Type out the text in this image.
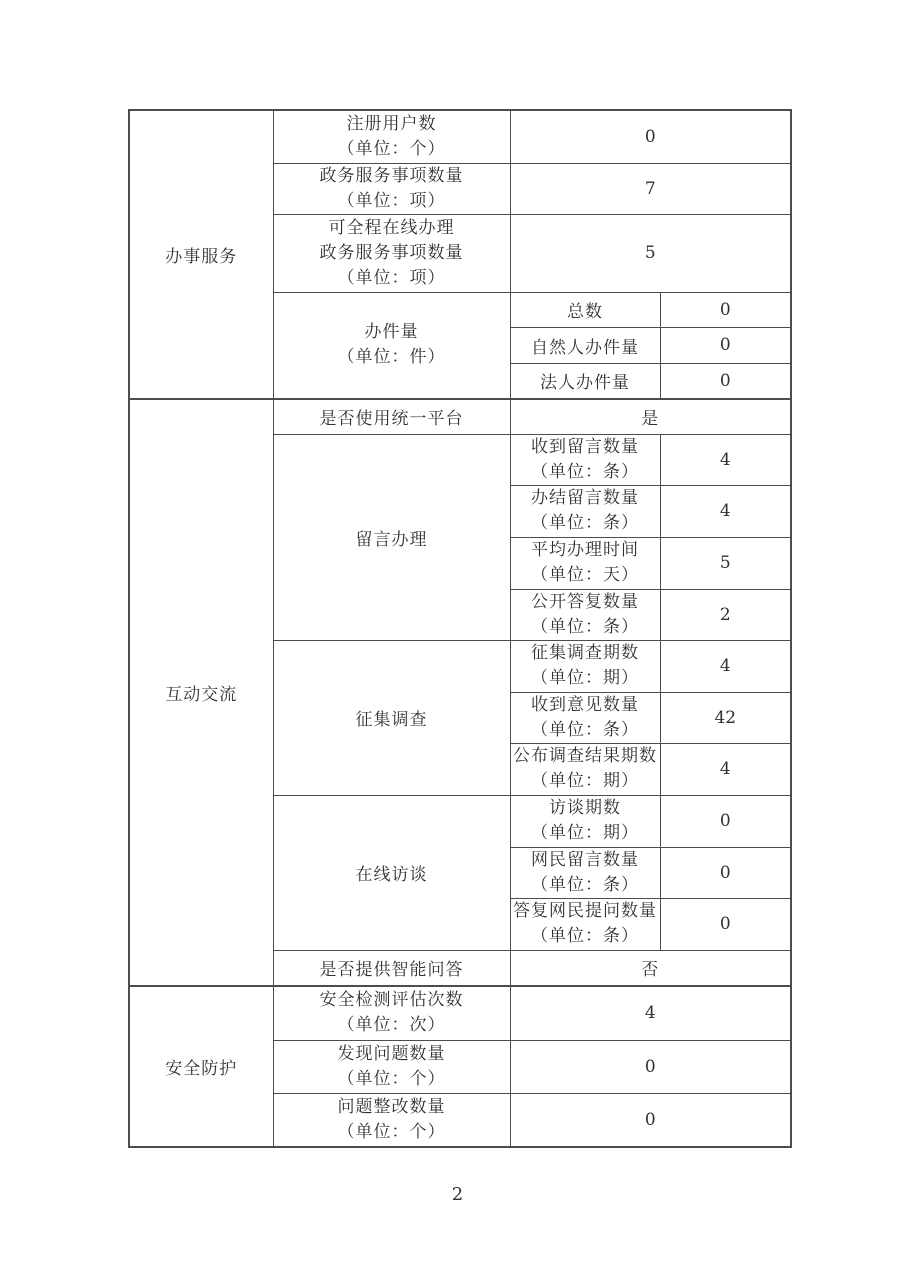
办事服务	注册用户数
（单位：个）	0	

	政务服务事项数量
（单位：项）	7	

	可全程在线办理
政务服务事项数量
（单位：项）	5	

	办件量
（单位：件）	总数	0
		自然人办件量	0
		法人办件量	0
互动交流	是否使用统一平台	是	
	留言办理	收到留言数量
（单位：条）	4

		办结留言数量
（单位：条）	4

		平均办理时间
（单位：天）	5

		公开答复数量
（单位：条）	2
	征集调查	征集调查期数
（单位：期）	4

		收到意见数量
（单位：条）	42

		公布调查结果期数
（单位：期）	4
	在线访谈	访谈期数
（单位：期）	0

		网民留言数量
（单位：条）	0

		答复网民提问数量
（单位：条）	0
	是否提供智能问答	否	
安全防护	安全检测评估次数
（单位：次）	4	

	发现问题数量
（单位：个）	0	

	问题整改数量
（单位：个）	0	
2
